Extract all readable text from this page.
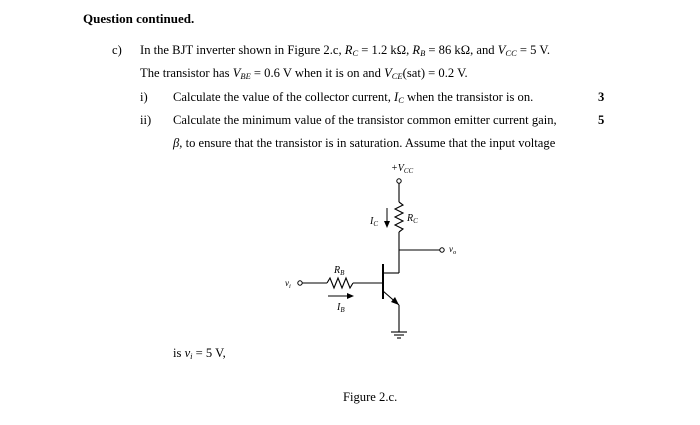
Question continued.
c) In the BJT inverter shown in Figure 2.c, $R_C = 1.2$ kΩ, $R_B = 86$ kΩ, and $V_{CC} = 5$ V.
The transistor has $V_{BE} = 0.6$ V when it is on and $V_{CE}(sat) = 0.2$ V.
i) Calculate the value of the collector current, $I_C$ when the transistor is on.	3
ii) Calculate the minimum value of the transistor common emitter current gain,	5
β, to ensure that the transistor is in saturation. Assume that the input voltage
$+V_{CC}$
$R_C$
$I_C$
$v_o$
$v_i$
$R_B$
$I_B$
is $v_i = 5$ V,
Figure 2.c.
